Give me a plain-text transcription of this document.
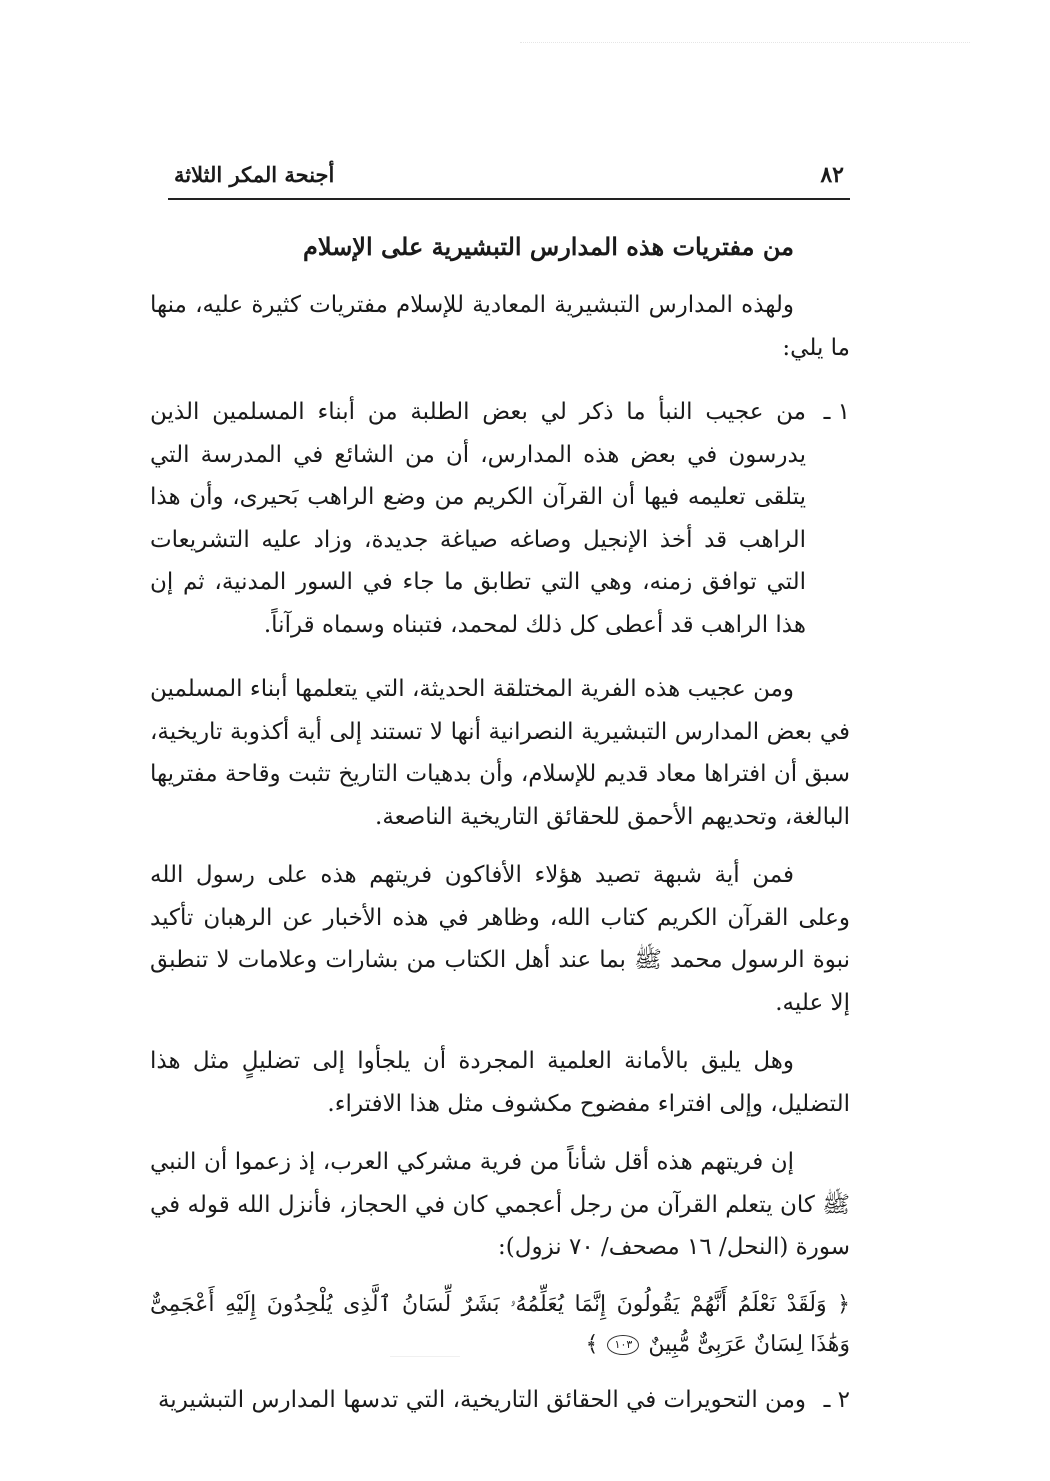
٨٢
أجنحة المكر الثلاثة
من مفتريات هذه المدارس التبشيرية على الإسلام

ولهذه المدارس التبشيرية المعادية للإسلام مفتريات كثيرة عليه، منها ما يلي:

١ ـ
من عجيب النبأ ما ذكر لي بعض الطلبة من أبناء المسلمين الذين يدرسون في بعض هذه المدارس، أن من الشائع في المدرسة التي يتلقى تعليمه فيها أن القرآن الكريم من وضع الراهب بَحيرى، وأن هذا الراهب قد أخذ الإنجيل وصاغه صياغة جديدة، وزاد عليه التشريعات التي توافق زمنه، وهي التي تطابق ما جاء في السور المدنية، ثم إن هذا الراهب قد أعطى كل ذلك لمحمد، فتبناه وسماه قرآناً.

ومن عجيب هذه الفرية المختلقة الحديثة، التي يتعلمها أبناء المسلمين في بعض المدارس التبشيرية النصرانية أنها لا تستند إلى أية أكذوبة تاريخية، سبق أن افتراها معاد قديم للإسلام، وأن بدهيات التاريخ تثبت وقاحة مفتريها البالغة، وتحديهم الأحمق للحقائق التاريخية الناصعة.

فمن أية شبهة تصيد هؤلاء الأفاكون فريتهم هذه على رسول الله وعلى القرآن الكريم كتاب الله، وظاهر في هذه الأخبار عن الرهبان تأكيد نبوة الرسول محمد ﷺ بما عند أهل الكتاب من بشارات وعلامات لا تنطبق إلا عليه.

وهل يليق بالأمانة العلمية المجردة أن يلجأوا إلى تضليلٍ مثل هذا التضليل، وإلى افتراء مفضوح مكشوف مثل هذا الافتراء.

إن فريتهم هذه أقل شأناً من فرية مشركي العرب، إذ زعموا أن النبي ﷺ كان يتعلم القرآن من رجل أعجمي كان في الحجاز، فأنزل الله قوله في سورة (النحل/ ١٦ مصحف/ ٧٠ نزول):

﴿ وَلَقَدْ نَعْلَمُ أَنَّهُمْ يَقُولُونَ إِنَّمَا يُعَلِّمُهُۥ بَشَرٌ لِّسَانُ ٱلَّذِى يُلْحِدُونَ إِلَيْهِ أَعْجَمِىٌّ وَهَٰذَا لِسَانٌ عَرَبِىٌّ مُّبِينٌ ١٠٣ ﴾

٢ ـ
ومن التحويرات في الحقائق التاريخية، التي تدسها المدارس التبشيرية
